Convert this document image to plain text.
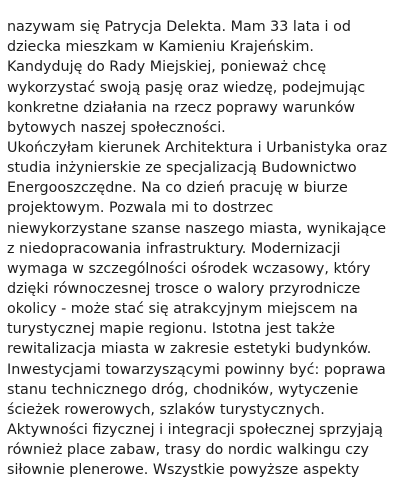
nazywam się Patrycja Delekta. Mam 33 lata i od
dziecka mieszkam w Kamieniu Krajeńskim.
Kandyduję do Rady Miejskiej, ponieważ chcę
wykorzystać swoją pasję oraz wiedzę, podejmując
konkretne działania na rzecz poprawy warunków
bytowych naszej społeczności.
Ukończyłam kierunek Architektura i Urbanistyka oraz
studia inżynierskie ze specjalizacją Budownictwo
Energooszczędne. Na co dzień pracuję w biurze
projektowym. Pozwala mi to dostrzec
niewykorzystane szanse naszego miasta, wynikające
z niedopracowania infrastruktury. Modernizacji
wymaga w szczególności ośrodek wczasowy, który
dzięki równoczesnej trosce o walory przyrodnicze
okolicy - może stać się atrakcyjnym miejscem na
turystycznej mapie regionu. Istotna jest także
rewitalizacja miasta w zakresie estetyki budynków.
Inwestycjami towarzyszącymi powinny być: poprawa
stanu technicznego dróg, chodników, wytyczenie
ścieżek rowerowych, szlaków turystycznych.
Aktywności fizycznej i integracji społecznej sprzyjają
również place zabaw, trasy do nordic walkingu czy
siłownie plenerowe. Wszystkie powyższe aspekty
